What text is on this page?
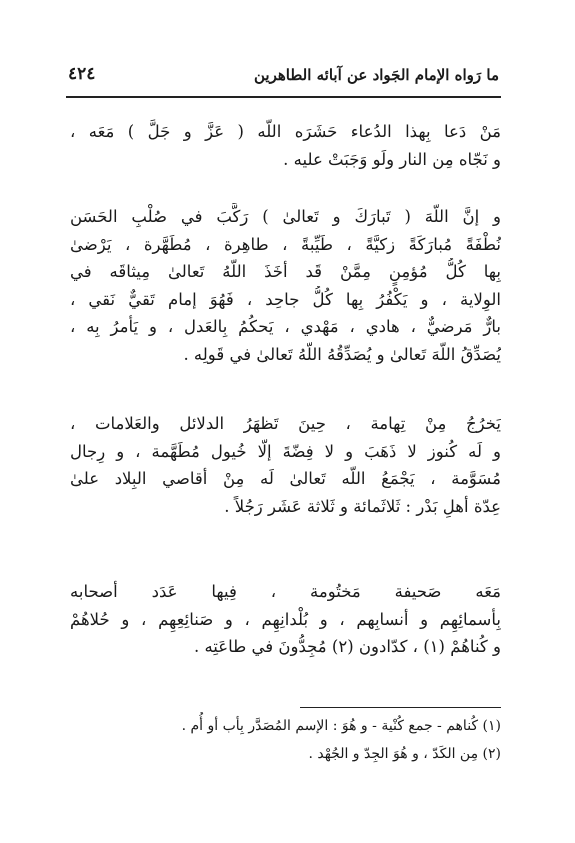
ما رَواه الإمام الجَواد عن آبائه الطاهرين
٤٢٤
مَنْ دَعا بِهذا الدُعاء حَشَرَه اللّه ( عَزَّ و جَلَّ ) مَعَه ،
و نَجّاه مِن النار ولَو وَجَبَتْ عليه .
و إنَّ اللّهَ ( تَبارَكَ و تَعالىٰ ) رَكَّبَ في صُلْبِ الحَسَن
نُطْفَةً مُبارَكَةً زكيَّةً ، طَيِّبةً ، طاهِرة ، مُطَهَّرة ، يَرْضىٰ
بِها كُلُّ مُؤمِنٍ مِمَّنْ قَد أخَذَ اللّهُ تَعالىٰ مِيثاقَه في
الوِلاية ، و يَكْفُرُ بِها كُلُّ جاحِد ، فَهُوَ إمام تَقيٌّ نَقي ،
بارٌّ مَرضيٌّ ، هادي ، مَهْدي ، يَحكُمُ بِالعَدل ، و يَأمرُ بِه ،
يُصَدِّقُ اللّهَ تَعالىٰ و يُصَدِّقُهُ اللّهُ تَعالىٰ في قَولِه .
يَخرُجُ مِنْ تِهامة ، حِينَ تَظهَرُ الدلائل والعَلامات ،
و لَه كُنوز لا ذَهَبَ و لا فِضّةَ إلّا خُيول مُطَهَّمة ، و رِجال
مُسَوَّمة ، يَجْمَعُ اللّه تَعالىٰ لَه مِنْ أقاصي البِلاد علىٰ
عِدّة أهلِ بَدْر : ثَلاثَمائة و ثَلاثة عَشَر رَجُلاً .
مَعَه صَحيفة مَختُومة ، فِيها عَدَد أصحابه
بِأسمائِهِم و أنسابِهم ، و بُلْدانِهِم ، و صَنائِعِهِم ، و حُلاهُمْ
و كُناهُمْ (١) ، كدّادون (٢) مُجِدُّونَ في طاعَتِه .
(١) كُناهم - جمع كُنْية - و هُوَ : الإسم المُصَدَّر بِأب أو أُم .
(٢) مِن الكَدّ ، و هُوَ الجِدّ و الجُهْد .
